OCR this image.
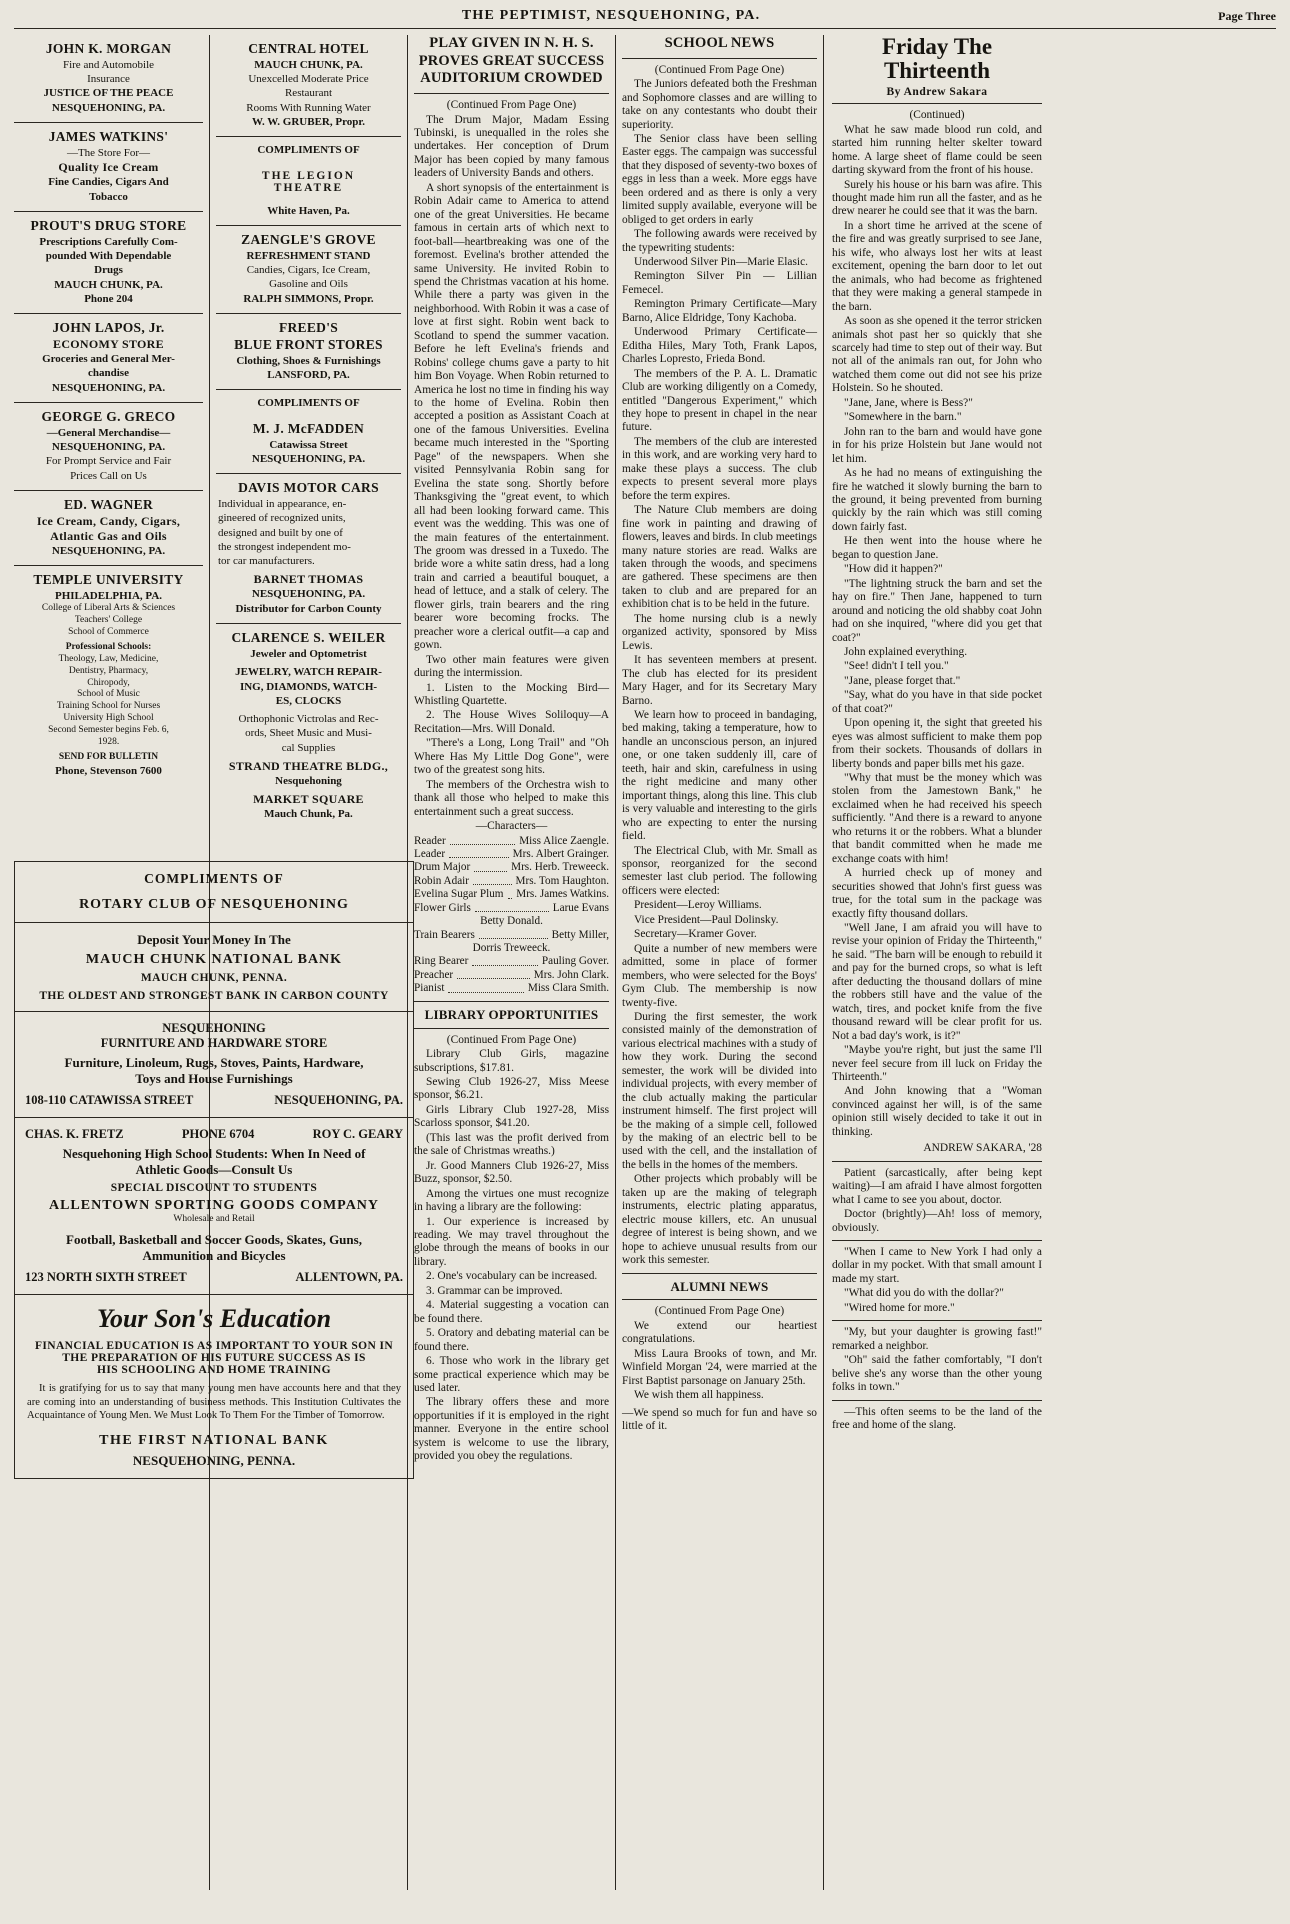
THE PEPTIMIST, NESQUEHONING, PA.	Page Three
JOHN K. MORGAN
Fire and Automobile
Insurance
JUSTICE OF THE PEACE
NESQUEHONING, PA.
JAMES WATKINS'
—The Store For—
Quality Ice Cream
Fine Candies, Cigars And
Tobacco
PROUT'S DRUG STORE
Prescriptions Carefully Com-
pounded With Dependable
Drugs
MAUCH CHUNK, PA.
Phone 204
JOHN LAPOS, Jr.
ECONOMY STORE
Groceries and General Mer-
chandise
NESQUEHONING, PA.
GEORGE G. GRECO
—General Merchandise—
NESQUEHONING, PA.
For Prompt Service and Fair
Prices Call on Us
ED. WAGNER
Ice Cream, Candy, Cigars,
Atlantic Gas and Oils
NESQUEHONING, PA.
TEMPLE UNIVERSITY
PHILADELPHIA, PA.
College of Liberal Arts & Sciences
Teachers' College
School of Commerce
Professional Schools:
Theology, Law, Medicine,
Dentistry, Pharmacy,
Chiropody,
School of Music
Training School for Nurses
University High School
Second Semester begins Feb. 6,
1928.
SEND FOR BULLETIN
Phone, Stevenson 7600
CENTRAL HOTEL
MAUCH CHUNK, PA.
Unexcelled Moderate Price
Restaurant
Rooms With Running Water
W. W. GRUBER, Propr.
COMPLIMENTS OF
THE LEGION
THEATRE
White Haven, Pa.
ZAENGLE'S GROVE
REFRESHMENT STAND
Candies, Cigars, Ice Cream,
Gasoline and Oils
RALPH SIMMONS, Propr.
FREED'S
BLUE FRONT STORES
Clothing, Shoes & Furnishings
LANSFORD, PA.
COMPLIMENTS OF
M. J. McFADDEN
Catawissa Street
NESQUEHONING, PA.
DAVIS MOTOR CARS
Individual in appearance, en-
gineered of recognized units,
designed and built by one of
the strongest independent mo-
tor car manufacturers.
BARNET THOMAS
NESQUEHONING, PA.
Distributor for Carbon County
CLARENCE S. WEILER
Jeweler and Optometrist
JEWELRY, WATCH REPAIR-
ING, DIAMONDS, WATCH-
ES, CLOCKS
Orthophonic Victrolas and Rec-
ords, Sheet Music and Musi-
cal Supplies
STRAND THEATRE BLDG.,
Nesquehoning
MARKET SQUARE
Mauch Chunk, Pa.
PLAY GIVEN IN N. H. S. PROVES GREAT SUCCESS AUDITORIUM CROWDED

(Continued From Page One)

The Drum Major, Madam Essing Tubinski, is unequalled in the roles she undertakes. Her conception of Drum Major has been copied by many famous leaders of University Bands and others.

A short synopsis of the entertainment is Robin Adair came to America to attend one of the great Universities. He became famous in certain arts of which next to foot-ball—heartbreaking was one of the foremost. Evelina's brother attended the same University. He invited Robin to spend the Christmas vacation at his home. While there a party was given in the neighborhood. With Robin it was a case of love at first sight. Robin went back to Scotland to spend the summer vacation. Before he left Evelina's friends and Robins' college chums gave a party to hit him Bon Voyage. When Robin returned to America he lost no time in finding his way to the home of Evelina. Robin then accepted a position as Assistant Coach at one of the famous Universities. Evelina became much interested in the "Sporting Page" of the newspapers. When she visited Pennsylvania Robin sang for Evelina the state song. Shortly before Thanksgiving the "great event, to which all had been looking forward came. This event was the wedding. This was one of the main features of the entertainment. The groom was dressed in a Tuxedo. The bride wore a white satin dress, had a long train and carried a beautiful bouquet, a head of lettuce, and a stalk of celery. The flower girls, train bearers and the ring bearer wore becoming frocks. The preacher wore a clerical outfit—a cap and gown.

Two other main features were given during the intermission.

1. Listen to the Mocking Bird—Whistling Quartette.

2. The House Wives Soliloquy—A Recitation—Mrs. Will Donald.

"There's a Long, Long Trail" and "Oh Where Has My Little Dog Gone", were two of the greatest song hits.

The members of the Orchestra wish to thank all those who helped to make this entertainment such a great success.

—Characters—

Reader	Miss Alice Zaengle.
Leader	Mrs. Albert Grainger.
Drum Major	Mrs. Herb. Treweeck.
Robin Adair	Mrs. Tom Haughton.
Evelina Sugar Plum Mrs. James Watkins.
Flower Girls	Larue Evans
Betty Donald.
Train Bearers	Betty Miller,
Dorris Treweeck.
Ring Bearer	Pauling Gover.
Preacher	Mrs. John Clark.
Pianist	Miss Clara Smith.
LIBRARY OPPORTUNITIES

(Continued From Page One)

Library Club Girls, magazine subscriptions, $17.81.

Sewing Club 1926-27, Miss Meese sponsor, $6.21.

Girls Library Club 1927-28, Miss Scarloss sponsor, $41.20.

(This last was the profit derived from the sale of Christmas wreaths.)

Jr. Good Manners Club 1926-27, Miss Buzz, sponsor, $2.50.

Among the virtues one must recognize in having a library are the following:

1. Our experience is increased by reading. We may travel throughout the globe through the means of books in our library.

2. One's vocabulary can be increased.

3. Grammar can be improved.

4. Material suggesting a vocation can be found there.

5. Oratory and debating material can be found there.

6. Those who work in the library get some practical experience which may be used later.

The library offers these and more opportunities if it is employed in the right manner. Everyone in the entire school system is welcome to use the library, provided you obey the regulations.

SCHOOL NEWS

(Continued From Page One)

The Juniors defeated both the Freshman and Sophomore classes and are willing to take on any contestants who doubt their superiority.

The Senior class have been selling Easter eggs. The campaign was successful that they disposed of seventy-two boxes of eggs in less than a week. More eggs have been ordered and as there is only a very limited supply available, everyone will be obliged to get orders in early

The following awards were received by the typewriting students:

Underwood Silver Pin—Marie Elasic.

Remington Silver Pin — Lillian Femecel.

Remington Primary Certificate—Mary Barno, Alice Eldridge, Tony Kachoba.

Underwood Primary Certificate—Editha Hiles, Mary Toth, Frank Lapos, Charles Lopresto, Frieda Bond.

The members of the P. A. L. Dramatic Club are working diligently on a Comedy, entitled "Dangerous Experiment," which they hope to present in chapel in the near future.

The members of the club are interested in this work, and are working very hard to make these plays a success. The club expects to present several more plays before the term expires.

The Nature Club members are doing fine work in painting and drawing of flowers, leaves and birds. In club meetings many nature stories are read. Walks are taken through the woods, and specimens are gathered. These specimens are then taken to club and are prepared for an exhibition chat is to be held in the future.

The home nursing club is a newly organized activity, sponsored by Miss Lewis.

It has seventeen members at present. The club has elected for its president Mary Hager, and for its Secretary Mary Barno.

We learn how to proceed in bandaging, bed making, taking a temperature, how to handle an unconscious person, an injured one, or one taken suddenly ill, care of teeth, hair and skin, carefulness in using the right medicine and many other important things, along this line. This club is very valuable and interesting to the girls who are expecting to enter the nursing field.

The Electrical Club, with Mr. Small as sponsor, reorganized for the second semester last club period. The following officers were elected:

President—Leroy Williams.

Vice President—Paul Dolinsky.

Secretary—Kramer Gover.

Quite a number of new members were admitted, some in place of former members, who were selected for the Boys' Gym Club. The membership is now twenty-five.

During the first semester, the work consisted mainly of the demonstration of various electrical machines with a study of how they work. During the second semester, the work will be divided into individual projects, with every member of the club actually making the particular instrument himself. The first project will be the making of a simple cell, followed by the making of an electric bell to be used with the cell, and the installation of the bells in the homes of the members.

Other projects which probably will be taken up are the making of telegraph instruments, electric plating apparatus, electric mouse killers, etc. An unusual degree of interest is being shown, and we hope to achieve unusual results from our work this semester.

ALUMNI NEWS

(Continued From Page One)

We extend our heartiest congratulations.

Miss Laura Brooks of town, and Mr. Winfield Morgan '24, were married at the First Baptist parsonage on January 25th.

We wish them all happiness.

—We spend so much for fun and have so little of it.

Friday The Thirteenth
By Andrew Sakara

(Continued)

What he saw made blood run cold, and started him running helter skelter toward home. A large sheet of flame could be seen darting skyward from the front of his house.

Surely his house or his barn was afire. This thought made him run all the faster, and as he drew nearer he could see that it was the barn.

In a short time he arrived at the scene of the fire and was greatly surprised to see Jane, his wife, who always lost her wits at least excitement, opening the barn door to let out the animals, who had become as frightened that they were making a general stampede in the barn.

As soon as she opened it the terror stricken animals shot past her so quickly that she scarcely had time to step out of their way. But not all of the animals ran out, for John who watched them come out did not see his prize Holstein. So he shouted.

"Jane, Jane, where is Bess?"

"Somewhere in the barn."

John ran to the barn and would have gone in for his prize Holstein but Jane would not let him.

As he had no means of extinguishing the fire he watched it slowly burning the barn to the ground, it being prevented from burning quickly by the rain which was still coming down fairly fast.

He then went into the house where he began to question Jane.

"How did it happen?"

"The lightning struck the barn and set the hay on fire." Then Jane, happened to turn around and noticing the old shabby coat John had on she inquired, "where did you get that coat?"

John explained everything.

"See! didn't I tell you."

"Jane, please forget that."

"Say, what do you have in that side pocket of that coat?"

Upon opening it, the sight that greeted his eyes was almost sufficient to make them pop from their sockets. Thousands of dollars in liberty bonds and paper bills met his gaze.

"Why that must be the money which was stolen from the Jamestown Bank," he exclaimed when he had received his speech sufficiently. "And there is a reward to anyone who returns it or the robbers. What a blunder that bandit committed when he made me exchange coats with him!

A hurried check up of money and securities showed that John's first guess was true, for the total sum in the package was exactly fifty thousand dollars.

"Well Jane, I am afraid you will have to revise your opinion of Friday the Thirteenth," he said. "The barn will be enough to rebuild it and pay for the burned crops, so what is left after deducting the thousand dollars of mine the robbers still have and the value of the watch, tires, and pocket knife from the five thousand reward will be clear profit for us. Not a bad day's work, is it?"

"Maybe you're right, but just the same I'll never feel secure from ill luck on Friday the Thirteenth."

And John knowing that a "Woman convinced against her will, is of the same opinion still wisely decided to take it out in thinking.

ANDREW SAKARA, '28

Patient (sarcastically, after being kept waiting)—I am afraid I have almost forgotten what I came to see you about, doctor.

Doctor (brightly)—Ah! loss of memory, obviously.

"When I came to New York I had only a dollar in my pocket. With that small amount I made my start.

"What did you do with the dollar?"

"Wired home for more."

"My, but your daughter is growing fast!" remarked a neighbor.

"Oh" said the father comfortably, "I don't belive she's any worse than the other young folks in town."

—This often seems to be the land of the free and home of the slang.

COMPLIMENTS OF
ROTARY CLUB OF NESQUEHONING
Deposit Your Money In The
MAUCH CHUNK NATIONAL BANK
MAUCH CHUNK, PENNA.
THE OLDEST AND STRONGEST BANK IN CARBON COUNTY
NESQUEHONING
FURNITURE AND HARDWARE STORE
Furniture, Linoleum, Rugs, Stoves, Paints, Hardware,
Toys and House Furnishings
108-110 CATAWISSA STREET	NESQUEHONING, PA.
CHAS. K. FRETZ	PHONE 6704	ROY C. GEARY
Nesquehoning High School Students: When In Need of
Athletic Goods—Consult Us
SPECIAL DISCOUNT TO STUDENTS
ALLENTOWN SPORTING GOODS COMPANY
Wholesale and Retail
Football, Basketball and Soccer Goods, Skates, Guns,
Ammunition and Bicycles
123 NORTH SIXTH STREET	ALLENTOWN, PA.
Your Son's Education
FINANCIAL EDUCATION IS AS IMPORTANT TO YOUR SON IN
THE PREPARATION OF HIS FUTURE SUCCESS AS IS
HIS SCHOOLING AND HOME TRAINING
It is gratifying for us to say that many young men have accounts here and that they are coming into an understanding of business methods. This Institution Cultivates the Acquaintance of Young Men. We Must Look To Them For the Timber of Tomorrow.
THE FIRST NATIONAL BANK
NESQUEHONING, PENNA.
